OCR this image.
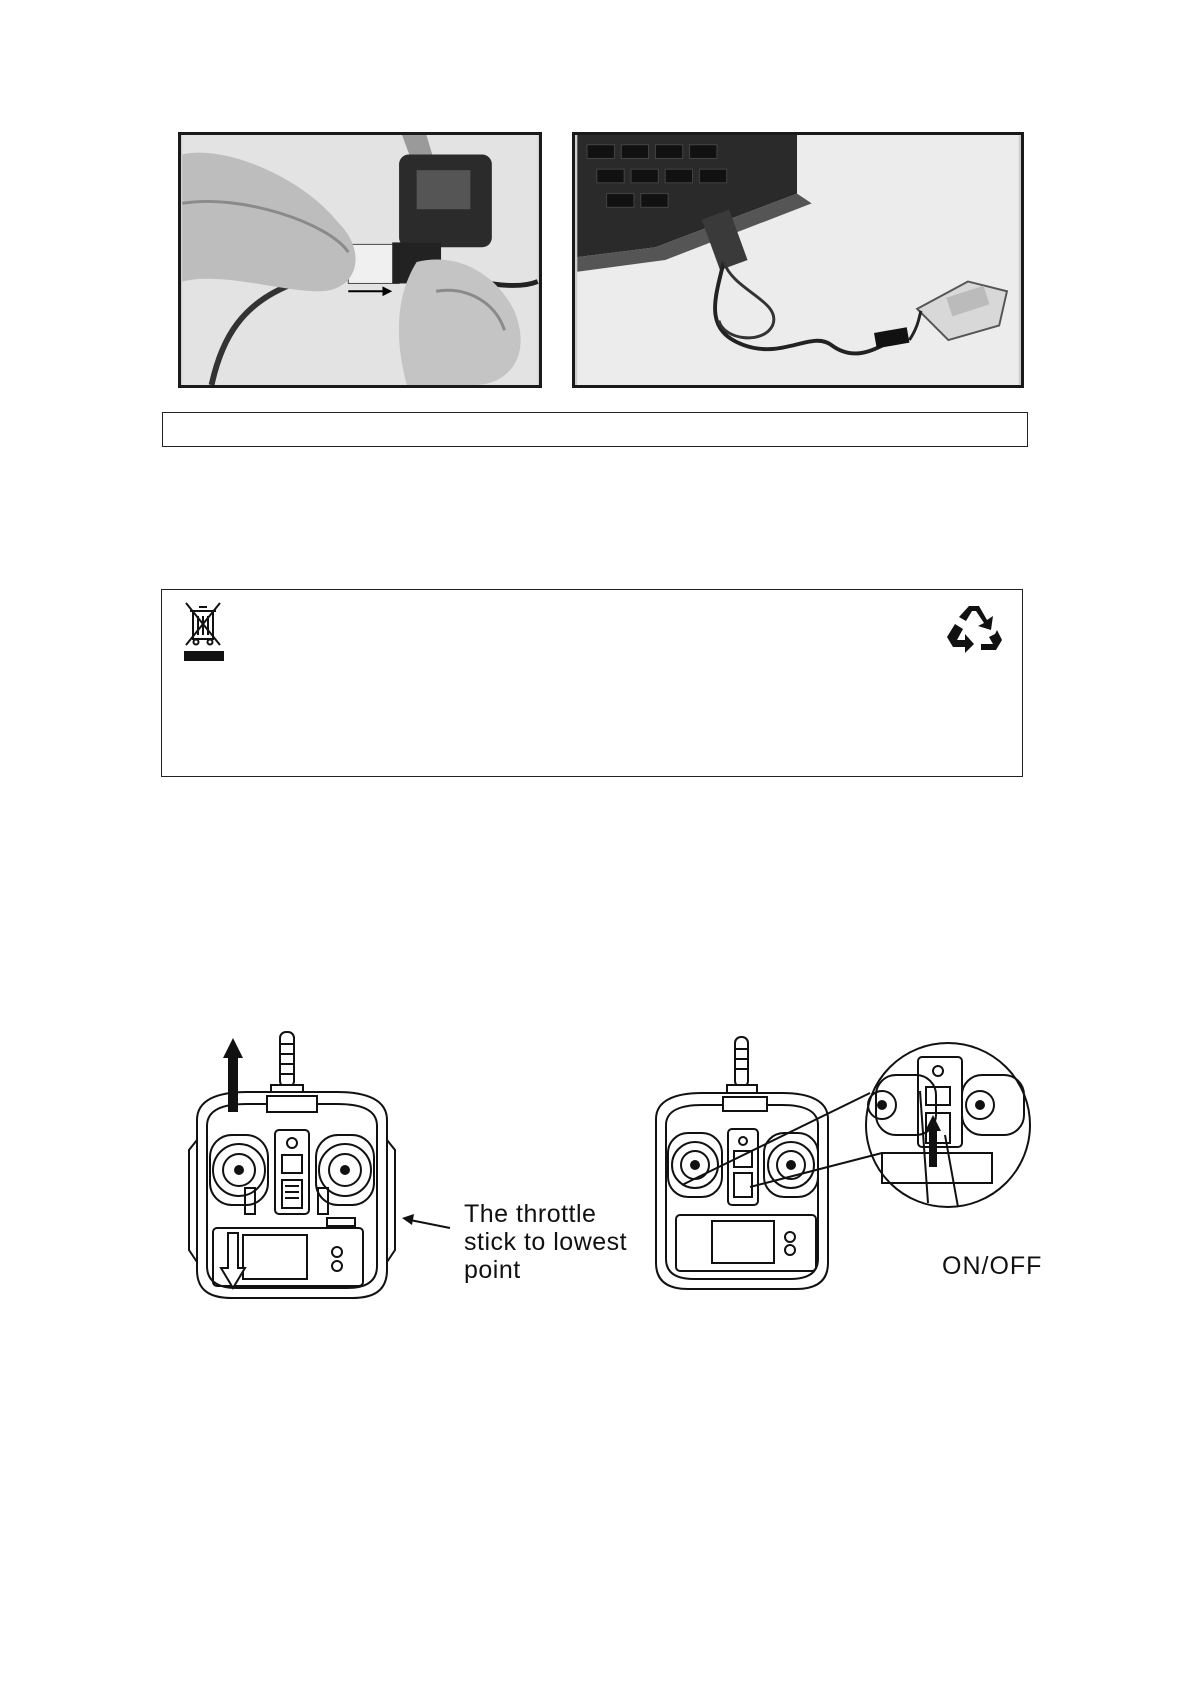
The throttle
stick to lowest
point	ON/OFF
